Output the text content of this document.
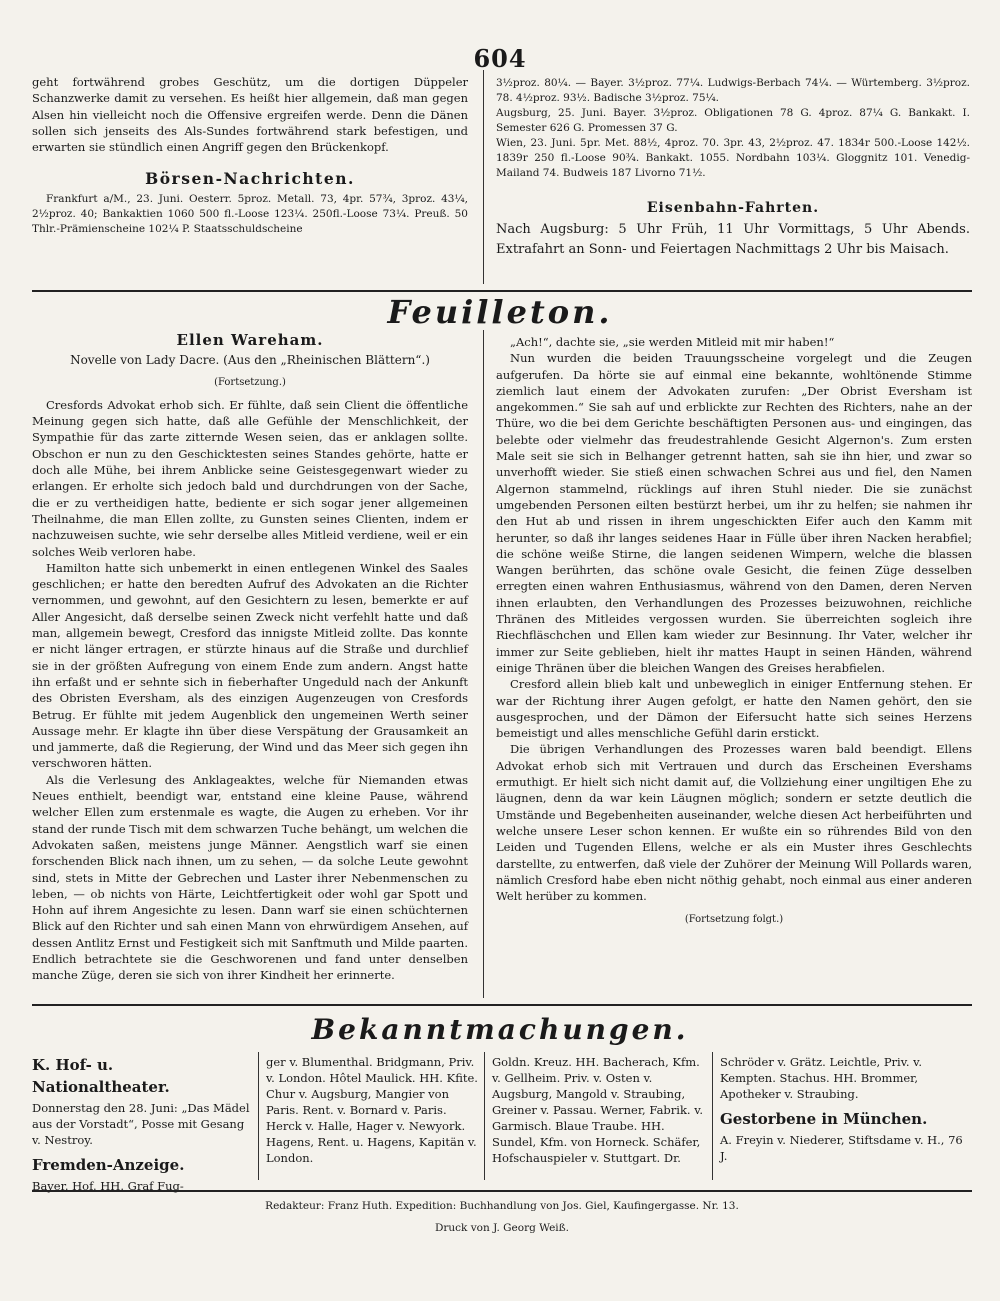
604

geht fortwährend grobes Geschütz, um die dortigen Düppeler Schanzwerke damit zu versehen. Es heißt hier allgemein, daß man gegen Alsen hin vielleicht noch die Offensive ergreifen werde. Denn die Dänen sollen sich jenseits des Als-Sundes fortwährend stark befestigen, und erwarten sie stündlich einen Angriff gegen den Brückenkopf.

Börsen-Nachrichten.

Frankfurt a/M., 23. Juni. Oesterr. 5proz. Metall. 73, 4pr. 57¾, 3proz. 43¼, 2½proz. 40; Bankaktien 1060 500 fl.-Loose 123¼. 250fl.-Loose 73¼. Preuß. 50 Thlr.-Prämienscheine 102¼ P. Staatsschuldscheine

3½proz. 80¼. — Bayer. 3½proz. 77¼. Ludwigs-Berbach 74¼. — Würtemberg. 3½proz. 78. 4½proz. 93½. Badische 3½proz. 75¼.

Augsburg, 25. Juni. Bayer. 3½proz. Obligationen 78 G. 4proz. 87¼ G. Bankakt. I. Semester 626 G. Promessen 37 G.

Wien, 23. Juni. 5pr. Met. 88½, 4proz. 70. 3pr. 43, 2½proz. 47. 1834r 500.-Loose 142½. 1839r 250 fl.-Loose 90¾. Bankakt. 1055. Nordbahn 103¼. Gloggnitz 101. Venedig-Mailand 74. Budweis 187 Livorno 71½.

Eisenbahn-Fahrten.

Nach Augsburg: 5 Uhr Früh, 11 Uhr Vormittags, 5 Uhr Abends. Extrafahrt an Sonn- und Feiertagen Nachmittags 2 Uhr bis Maisach.

Feuilleton.
Ellen Wareham.
Novelle von Lady Dacre. (Aus den „Rheinischen Blättern“.)
(Fortsetzung.)

Cresfords Advokat erhob sich. Er fühlte, daß sein Client die öffentliche Meinung gegen sich hatte, daß alle Gefühle der Menschlichkeit, der Sympathie für das zarte zitternde Wesen seien, das er anklagen sollte. Obschon er nun zu den Geschicktesten seines Standes gehörte, hatte er doch alle Mühe, bei ihrem Anblicke seine Geistesgegenwart wieder zu erlangen. Er erholte sich jedoch bald und durchdrungen von der Sache, die er zu vertheidigen hatte, bediente er sich sogar jener allgemeinen Theilnahme, die man Ellen zollte, zu Gunsten seines Clienten, indem er nachzuweisen suchte, wie sehr derselbe alles Mitleid verdiene, weil er ein solches Weib verloren habe.

Hamilton hatte sich unbemerkt in einen entlegenen Winkel des Saales geschlichen; er hatte den beredten Aufruf des Advokaten an die Richter vernommen, und gewohnt, auf den Gesichtern zu lesen, bemerkte er auf Aller Angesicht, daß derselbe seinen Zweck nicht verfehlt hatte und daß man, allgemein bewegt, Cresford das innigste Mitleid zollte. Das konnte er nicht länger ertragen, er stürzte hinaus auf die Straße und durchlief sie in der größten Aufregung von einem Ende zum andern. Angst hatte ihn erfaßt und er sehnte sich in fieberhafter Ungeduld nach der Ankunft des Obristen Eversham, als des einzigen Augenzeugen von Cresfords Betrug. Er fühlte mit jedem Augenblick den ungemeinen Werth seiner Aussage mehr. Er klagte ihn über diese Verspätung der Grausamkeit an und jammerte, daß die Regierung, der Wind und das Meer sich gegen ihn verschworen hätten.

Als die Verlesung des Anklageaktes, welche für Niemanden etwas Neues enthielt, beendigt war, entstand eine kleine Pause, während welcher Ellen zum erstenmale es wagte, die Augen zu erheben. Vor ihr stand der runde Tisch mit dem schwarzen Tuche behängt, um welchen die Advokaten saßen, meistens junge Männer. Aengstlich warf sie einen forschenden Blick nach ihnen, um zu sehen, — da solche Leute gewohnt sind, stets in Mitte der Gebrechen und Laster ihrer Nebenmenschen zu leben, — ob nichts von Härte, Leichtfertigkeit oder wohl gar Spott und Hohn auf ihrem Angesichte zu lesen. Dann warf sie einen schüchternen Blick auf den Richter und sah einen Mann von ehrwürdigem Ansehen, auf dessen Antlitz Ernst und Festigkeit sich mit Sanftmuth und Milde paarten. Endlich betrachtete sie die Geschworenen und fand unter denselben manche Züge, deren sie sich von ihrer Kindheit her erinnerte.

„Ach!“, dachte sie, „sie werden Mitleid mit mir haben!“

Nun wurden die beiden Trauungsscheine vorgelegt und die Zeugen aufgerufen. Da hörte sie auf einmal eine bekannte, wohltönende Stimme ziemlich laut einem der Advokaten zurufen: „Der Obrist Eversham ist angekommen.“ Sie sah auf und erblickte zur Rechten des Richters, nahe an der Thüre, wo die bei dem Gerichte beschäftigten Personen aus- und eingingen, das belebte oder vielmehr das freudestrahlende Gesicht Algernon's. Zum ersten Male seit sie sich in Belhanger getrennt hatten, sah sie ihn hier, und zwar so unverhofft wieder. Sie stieß einen schwachen Schrei aus und fiel, den Namen Algernon stammelnd, rücklings auf ihren Stuhl nieder. Die sie zunächst umgebenden Personen eilten bestürzt herbei, um ihr zu helfen; sie nahmen ihr den Hut ab und rissen in ihrem ungeschickten Eifer auch den Kamm mit herunter, so daß ihr langes seidenes Haar in Fülle über ihren Nacken herabfiel; die schöne weiße Stirne, die langen seidenen Wimpern, welche die blassen Wangen berührten, das schöne ovale Gesicht, die feinen Züge desselben erregten einen wahren Enthusiasmus, während von den Damen, deren Nerven ihnen erlaubten, den Verhandlungen des Prozesses beizuwohnen, reichliche Thränen des Mitleides vergossen wurden. Sie überreichten sogleich ihre Riechfläschchen und Ellen kam wieder zur Besinnung. Ihr Vater, welcher ihr immer zur Seite geblieben, hielt ihr mattes Haupt in seinen Händen, während einige Thränen über die bleichen Wangen des Greises herabfielen.

Cresford allein blieb kalt und unbeweglich in einiger Entfernung stehen. Er war der Richtung ihrer Augen gefolgt, er hatte den Namen gehört, den sie ausgesprochen, und der Dämon der Eifersucht hatte sich seines Herzens bemeistigt und alles menschliche Gefühl darin erstickt.

Die übrigen Verhandlungen des Prozesses waren bald beendigt. Ellens Advokat erhob sich mit Vertrauen und durch das Erscheinen Evershams ermuthigt. Er hielt sich nicht damit auf, die Vollziehung einer ungiltigen Ehe zu läugnen, denn da war kein Läugnen möglich; sondern er setzte deutlich die Umstände und Begebenheiten auseinander, welche diesen Act herbeiführten und welche unsere Leser schon kennen. Er wußte ein so rührendes Bild von den Leiden und Tugenden Ellens, welche er als ein Muster ihres Geschlechts darstellte, zu entwerfen, daß viele der Zuhörer der Meinung Will Pollards waren, nämlich Cresford habe eben nicht nöthig gehabt, noch einmal aus einer anderen Welt herüber zu kommen.

(Fortsetzung folgt.)
Bekanntmachungen.
K. Hof- u. Nationaltheater.
Donnerstag den 28. Juni: „Das Mädel aus der Vorstadt“, Posse mit Gesang v. Nestroy.
Fremden-Anzeige.
Bayer. Hof. HH. Graf Fug-
ger v. Blumenthal. Bridgmann, Priv. v. London. Hôtel Maulick. HH. Kfite. Chur v. Augsburg, Mangier von Paris. Rent. v. Bornard v. Paris. Herck v. Halle, Hager v. Newyork. Hagens, Rent. u. Hagens, Kapitän v. London.
Goldn. Kreuz. HH. Bacherach, Kfm. v. Gellheim. Priv. v. Osten v. Augsburg, Mangold v. Straubing, Greiner v. Passau. Werner, Fabrik. v. Garmisch. Blaue Traube. HH. Sundel, Kfm. von Horneck. Schäfer, Hofschauspieler v. Stuttgart. Dr.
Schröder v. Grätz. Leichtle, Priv. v. Kempten. Stachus. HH. Brommer, Apotheker v. Straubing.
Gestorbene in München.
A. Freyin v. Niederer, Stiftsdame v. H., 76 J.
Redakteur: Franz Huth. Expedition: Buchhandlung von Jos. Giel, Kaufingergasse. Nr. 13.
Druck von J. Georg Weiß.
